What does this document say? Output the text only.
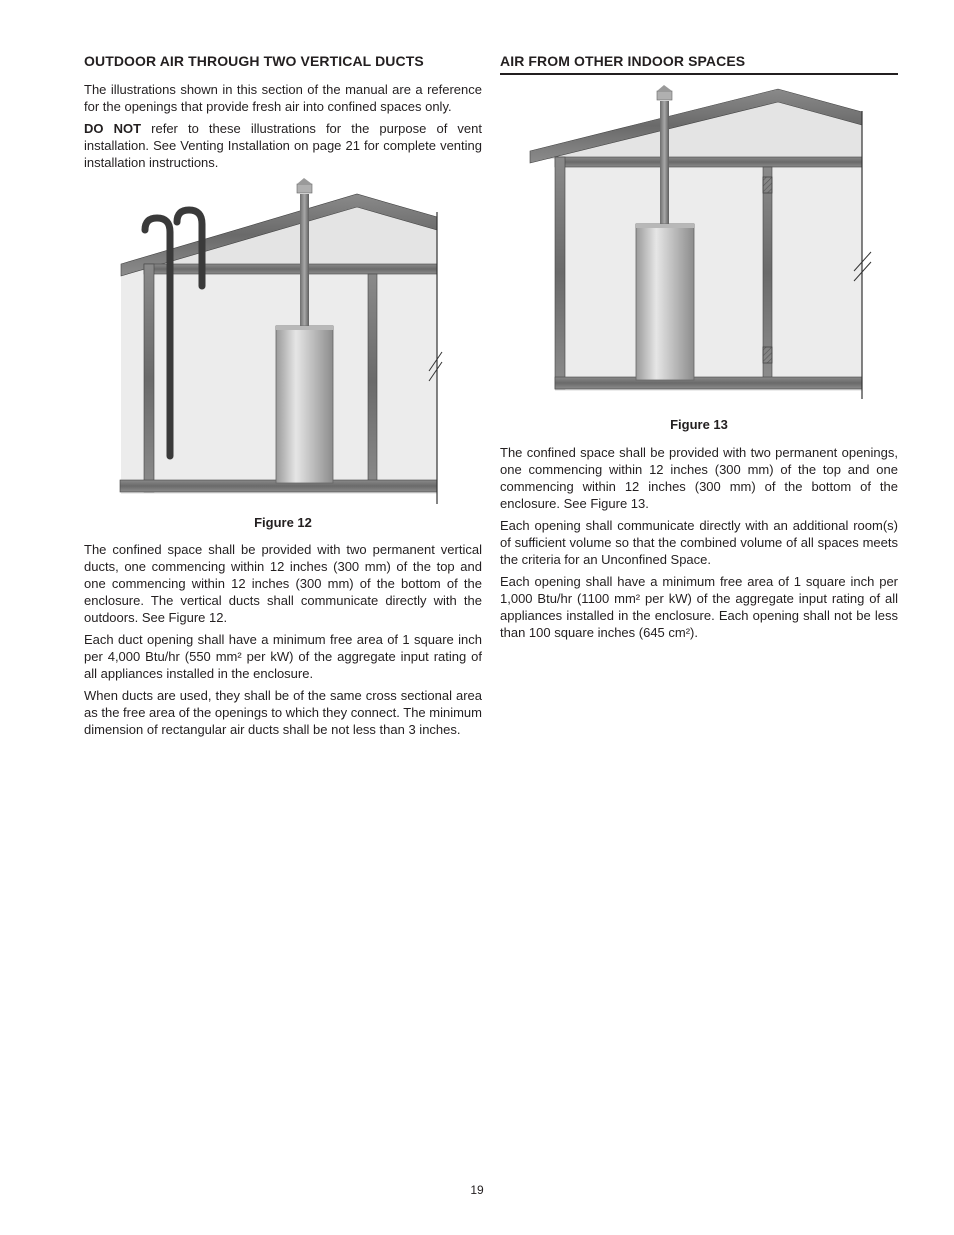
OUTDOOR AIR THROUGH TWO VERTICAL DUCTS

The illustrations shown in this section of the manual are a reference for the openings that provide fresh air into confined spaces only.

DO NOT refer to these illustrations for the purpose of vent installation. See Venting Installation on page 21 for complete venting installation instructions.

Figure 12

The confined space shall be provided with two permanent vertical ducts, one commencing within 12 inches (300 mm) of the top and one commencing within 12 inches (300 mm) of the bottom of the enclosure. The vertical ducts shall communicate directly with the outdoors. See Figure 12.

Each duct opening shall have a minimum free area of 1 square inch per 4,000 Btu/hr (550 mm² per kW) of the aggregate input rating of all appliances installed in the enclosure.

When ducts are used, they shall be of the same cross sectional area as the free area of the openings to which they connect. The minimum dimension of rectangular air ducts shall be not less than 3 inches.

AIR FROM OTHER INDOOR SPACES

Figure 13

The confined space shall be provided with two permanent openings, one commencing within 12 inches (300 mm) of the top and one commencing within 12 inches (300 mm) of the bottom of the enclosure. See Figure 13.

Each opening shall communicate directly with an additional room(s) of sufficient volume so that the combined volume of all spaces meets the criteria for an Unconfined Space.

Each opening shall have a minimum free area of 1 square inch per 1,000 Btu/hr (1100 mm² per kW) of the aggregate input rating of all appliances installed in the enclosure. Each opening shall not be less than 100 square inches (645 cm²).

19
